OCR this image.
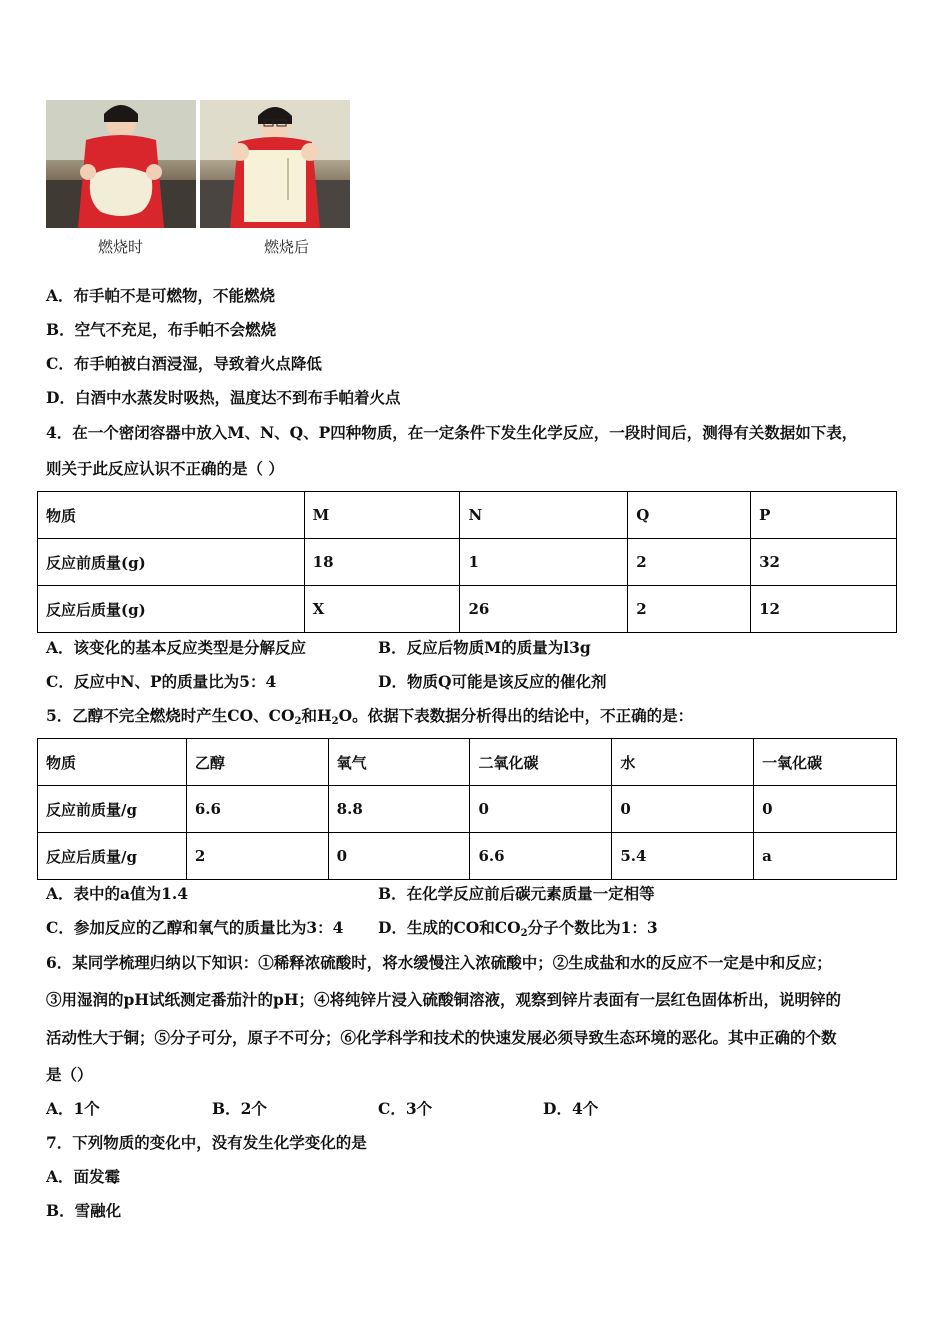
燃烧时	燃烧后
A．布手帕不是可燃物，不能燃烧
B．空气不充足，布手帕不会燃烧
C．布手帕被白酒浸湿，导致着火点降低
D．白酒中水蒸发时吸热，温度达不到布手帕着火点
4．在一个密闭容器中放入M、N、Q、P四种物质，在一定条件下发生化学反应，一段时间后，测得有关数据如下表，
则关于此反应认识不正确的是（ ）
物质	M	N	Q	P
反应前质量(g)	18	1	2	32
反应后质量(g)	X	26	2	12
A．该变化的基本反应类型是分解反应	B．反应后物质M的质量为l3g
C．反应中N、P的质量比为5：4	D．物质Q可能是该反应的催化剂
5．乙醇不完全燃烧时产生CO、$CO_2$和$H_2O$。依据下表数据分析得出的结论中，不正确的是：
物质	乙醇	氧气	二氧化碳	水	一氧化碳
反应前质量/g	6.6	8.8	0	0	0
反应后质量/g	2	0	6.6	5.4	a
A．表中的a值为1.4	B．在化学反应前后碳元素质量一定相等
C．参加反应的乙醇和氧气的质量比为3：4 D．生成的CO和$CO_2$分子个数比为1：3
6．某同学梳理归纳以下知识：①稀释浓硫酸时，将水缓慢注入浓硫酸中；②生成盐和水的反应不一定是中和反应；
③用湿润的pH试纸测定番茄汁的pH；④将纯锌片浸入硫酸铜溶液，观察到锌片表面有一层红色固体析出，说明锌的
活动性大于铜；⑤分子可分，原子不可分；⑥化学科学和技术的快速发展必须导致生态环境的恶化。其中正确的个数
是（）
A．1个	B．2个	C．3个	D．4个
7．下列物质的变化中，没有发生化学变化的是
A．面发霉
B．雪融化
